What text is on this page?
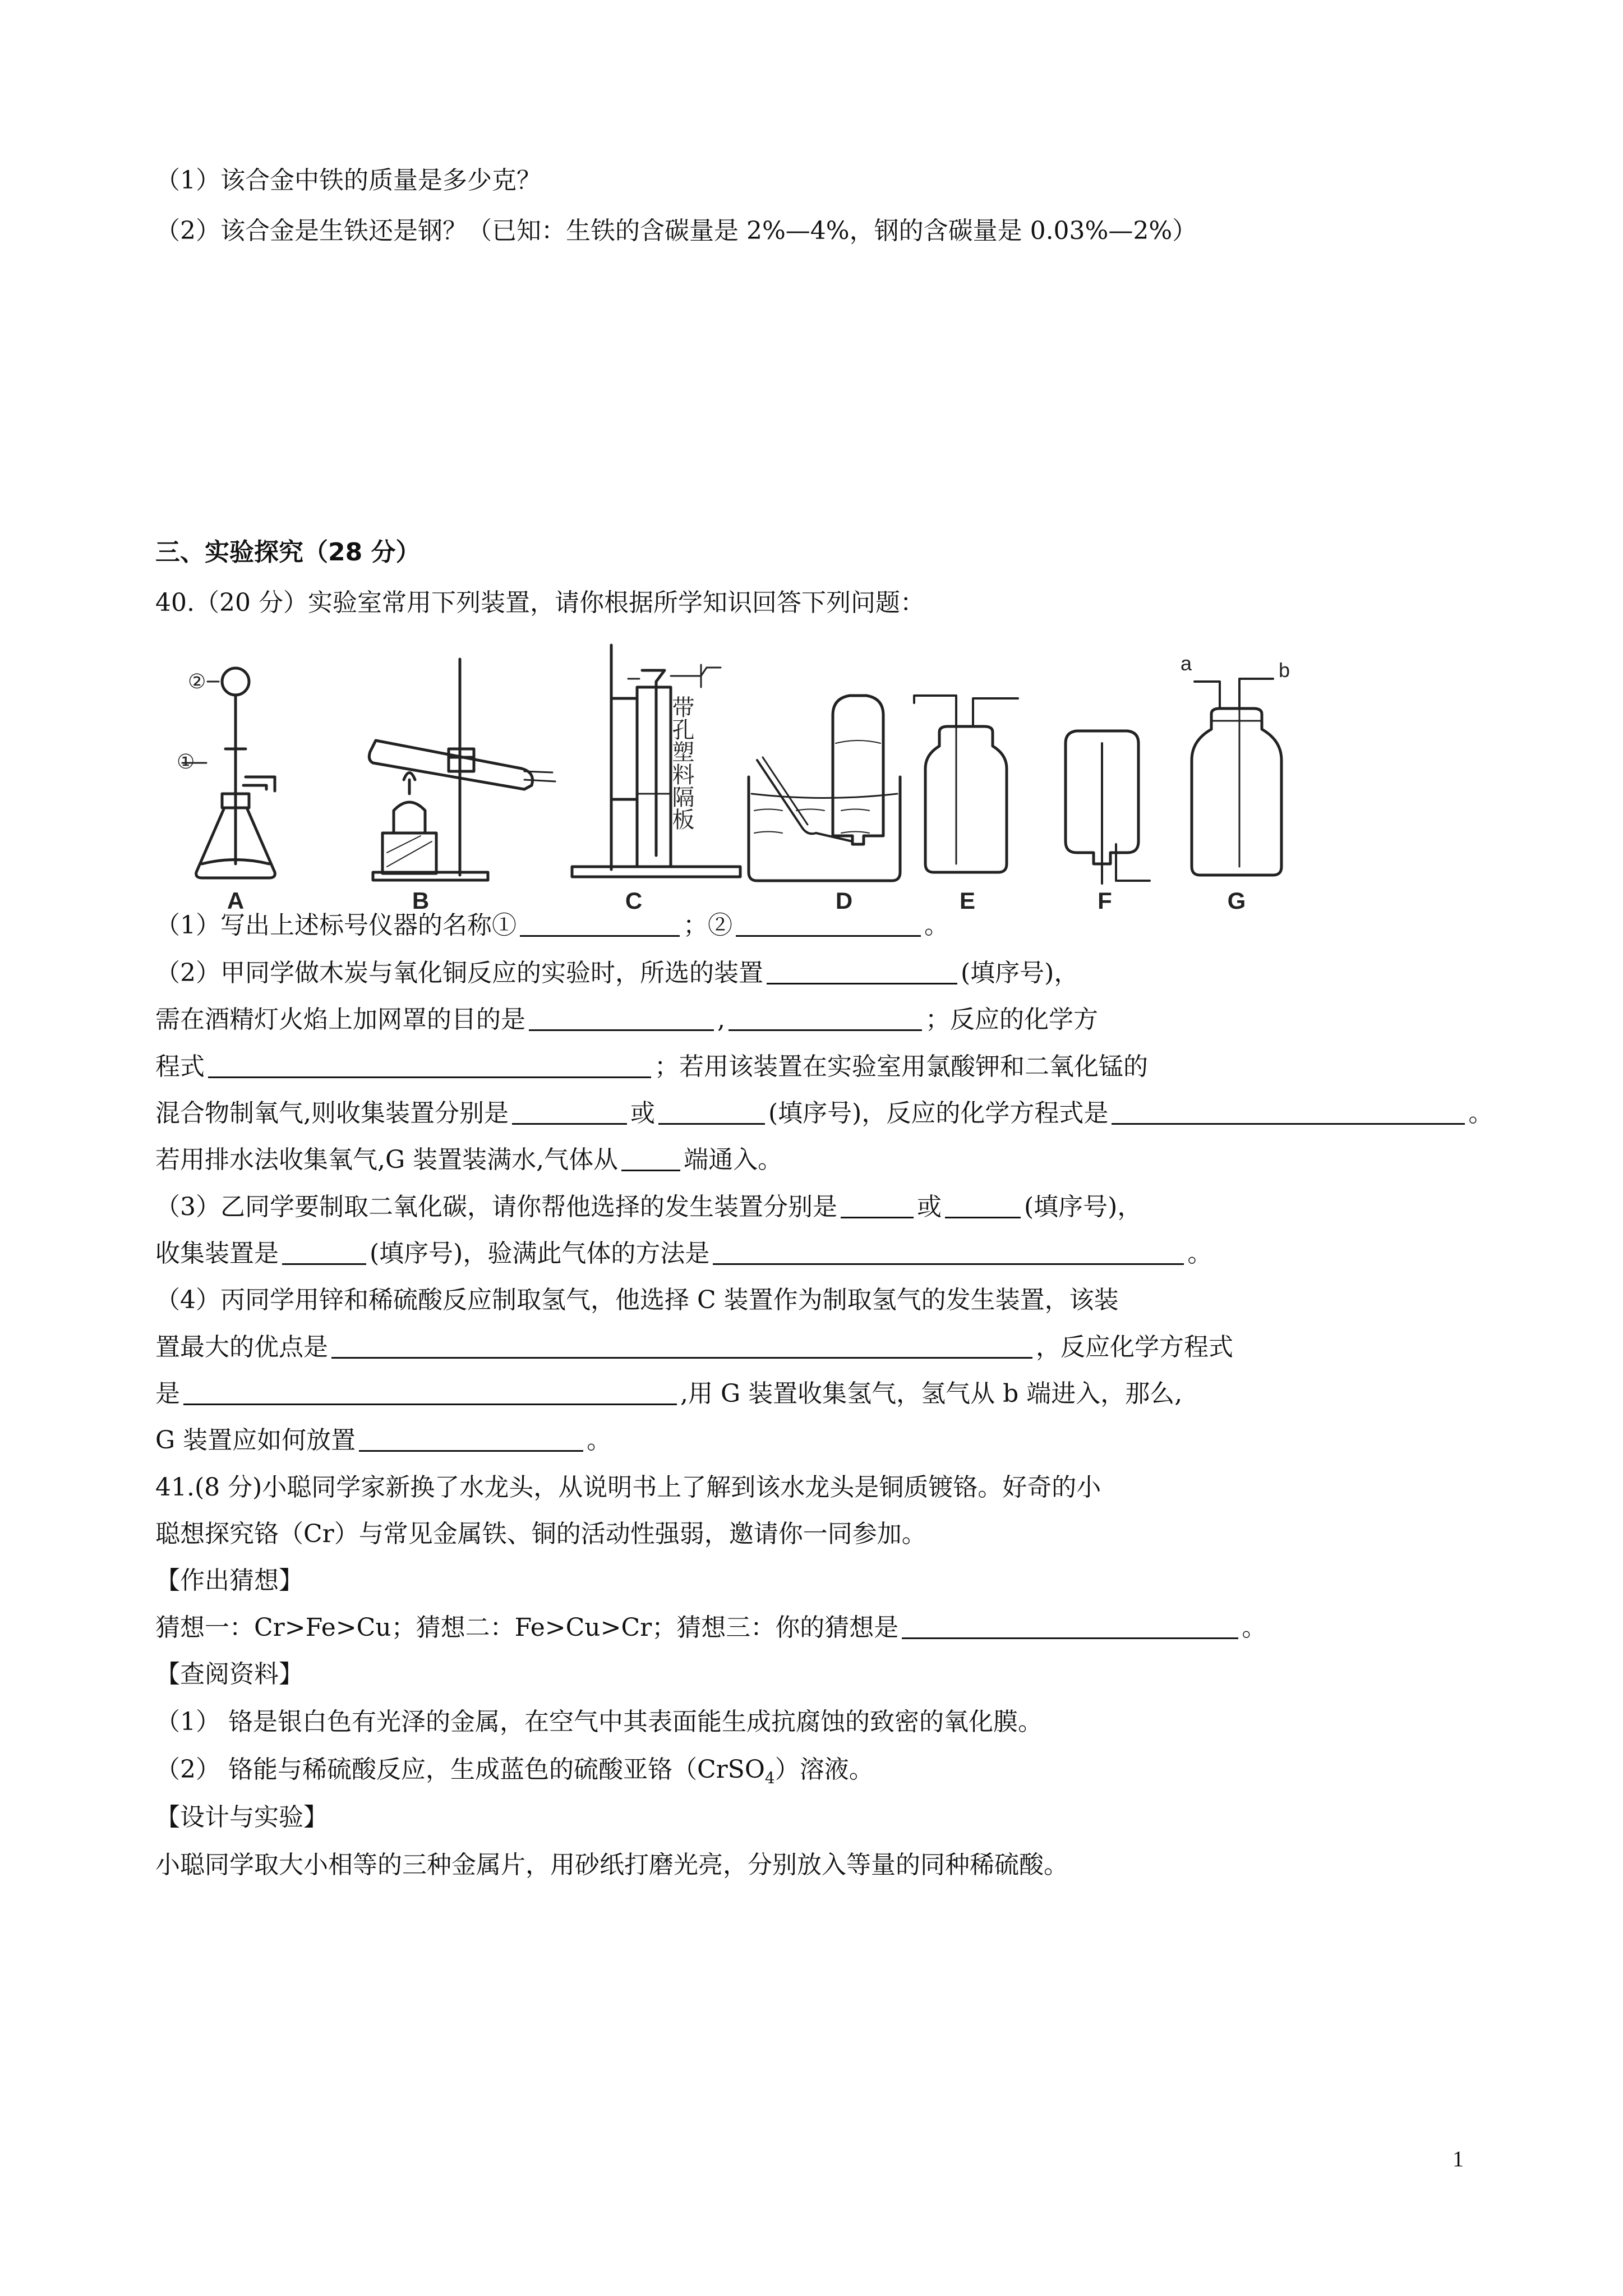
（1）该合金中铁的质量是多少克？
（2）该合金是生铁还是钢？（已知：生铁的含碳量是 2%—4%，钢的含碳量是 0.03%—2%）
三、实验探究（28 分）
40.（20 分）实验室常用下列装置，请你根据所学知识回答下列问题：
A	B	C	D	E	F	G
①
②
a	b
带孔塑料隔板
（1）写出上述标号仪器的名称①	；②	。
（2）甲同学做木炭与氧化铜反应的实验时，所选的装置	(填序号)，
需在酒精灯火焰上加网罩的目的是	,	；反应的化学方
程式	；若用该装置在实验室用氯酸钾和二氧化锰的
混合物制氧气,则收集装置分别是	或	(填序号)，反应的化学方程式是	。
若用排水法收集氧气,G 装置装满水,气体从	端通入。
（3）乙同学要制取二氧化碳，请你帮他选择的发生装置分别是	或	(填序号)，
收集装置是	(填序号)，验满此气体的方法是	。
（4）丙同学用锌和稀硫酸反应制取氢气，他选择 C 装置作为制取氢气的发生装置，该装
置最大的优点是	，反应化学方程式
是	,用 G 装置收集氢气，氢气从 b 端进入，那么,
G 装置应如何放置	。
41.(8 分)小聪同学家新换了水龙头，从说明书上了解到该水龙头是铜质镀铬。好奇的小
聪想探究铬（Cr）与常见金属铁、铜的活动性强弱，邀请你一同参加。
【作出猜想】
猜想一：Cr>Fe>Cu；猜想二：Fe>Cu>Cr；猜想三：你的猜想是	。
【查阅资料】
（1） 铬是银白色有光泽的金属，在空气中其表面能生成抗腐蚀的致密的氧化膜。
（2） 铬能与稀硫酸反应，生成蓝色的硫酸亚铬（CrSO$_4$）溶液。
【设计与实验】
小聪同学取大小相等的三种金属片，用砂纸打磨光亮，分别放入等量的同种稀硫酸。
1
